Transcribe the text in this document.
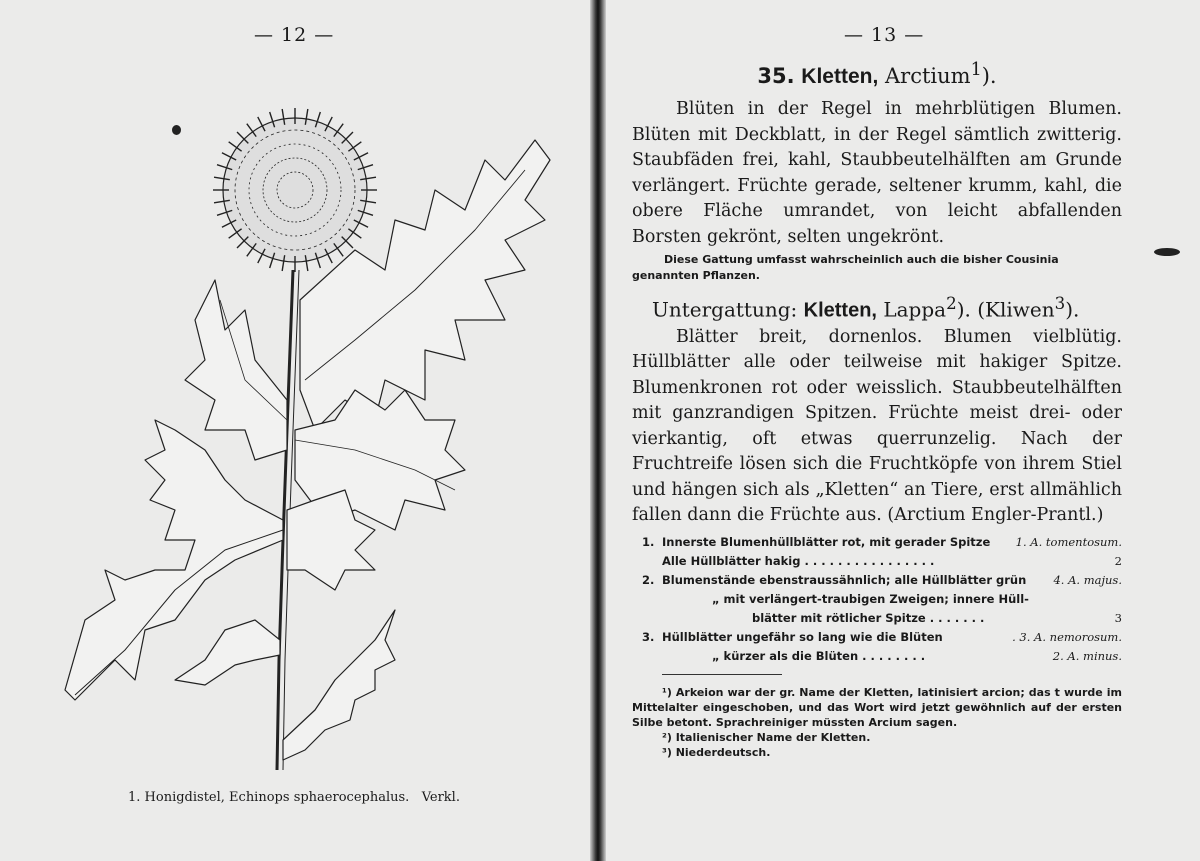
— 12 —
1. Honigdistel, Echinops sphaerocephalus. Verkl.
— 13 —
35. Kletten, Arctium$^1$).

Blüten in der Regel in mehrblütigen Blumen. Blüten mit Deckblatt, in der Regel sämtlich zwitterig. Staubfäden frei, kahl, Staubbeutelhälften am Grunde verlängert. Früchte gerade, seltener krumm, kahl, die obere Fläche umrandet, von leicht abfallenden Borsten gekrönt, selten ungekrönt.

Diese Gattung umfasst wahrscheinlich auch die bisher Cousinia genannten Pflanzen.

Untergattung: Kletten, Lappa$^2$). (Kliwen$^3$).

Blätter breit, dornenlos. Blumen vielblütig. Hüllblätter alle oder teilweise mit hakiger Spitze. Blumenkronen rot oder weisslich. Staubbeutelhälften mit ganzrandigen Spitzen. Früchte meist drei- oder vierkantig, oft etwas querrunzelig. Nach der Fruchtreife lösen sich die Fruchtköpfe von ihrem Stiel und hängen sich als „Kletten“ an Tiere, erst allmählich fallen dann die Früchte aus. (Arctium Engler-Prantl.)

1. Innerste Blumenhüllblätter rot, mit gerader Spitze 1. A. tomentosum.
Alle Hüllblätter hakig . . . . . . . . . . . . . . . .	2
2. Blumenstände ebenstraussähnlich; alle Hüllblätter grün 4. A. majus.
„ mit verlängert-traubigen Zweigen; innere Hüll-
blätter mit rötlicher Spitze . . . . . . .	3
3. Hüllblätter ungefähr so lang wie die Blüten	. 3. A. nemorosum.
„ kürzer als die Blüten . . . . . . . .	2. A. minus.

¹) Arkeion war der gr. Name der Kletten, latinisiert arcion; das t wurde im Mittelalter eingeschoben, und das Wort wird jetzt gewöhnlich auf der ersten Silbe betont. Sprachreiniger müssten Arcium sagen.

²) Italienischer Name der Kletten.

³) Niederdeutsch.
